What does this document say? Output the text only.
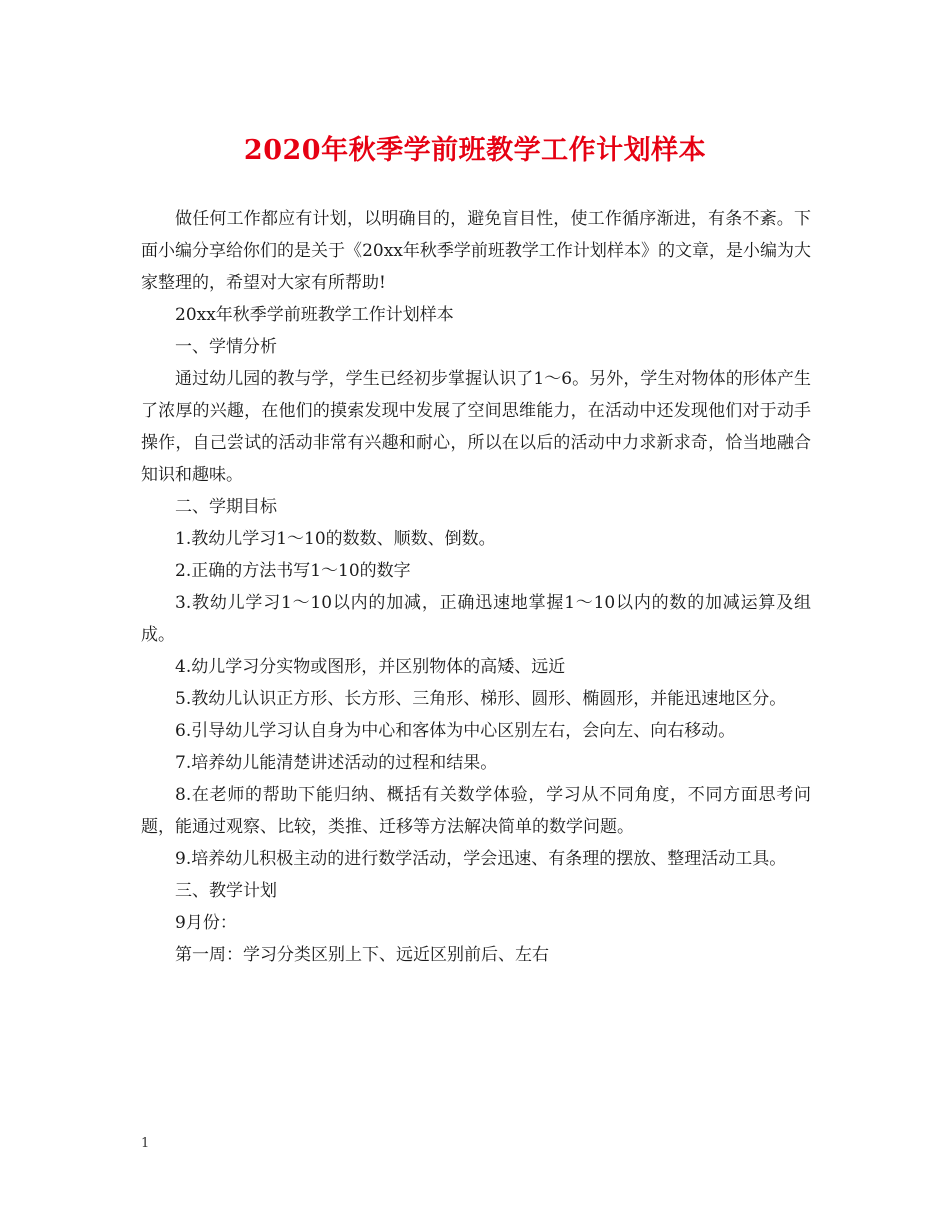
2020年秋季学前班教学工作计划样本

做任何工作都应有计划，以明确目的，避免盲目性，使工作循序渐进，有条不紊。下面小编分享给你们的是关于《20xx年秋季学前班教学工作计划样本》的文章，是小编为大家整理的，希望对大家有所帮助!

20xx年秋季学前班教学工作计划样本

一、学情分析

通过幼儿园的教与学，学生已经初步掌握认识了1～6。另外，学生对物体的形体产生了浓厚的兴趣，在他们的摸索发现中发展了空间思维能力，在活动中还发现他们对于动手操作，自己尝试的活动非常有兴趣和耐心，所以在以后的活动中力求新求奇，恰当地融合知识和趣味。

二、学期目标

1.教幼儿学习1～10的数数、顺数、倒数。

2.正确的方法书写1～10的数字

3.教幼儿学习1～10以内的加减，正确迅速地掌握1～10以内的数的加减运算及组成。

4.幼儿学习分实物或图形，并区别物体的高矮、远近

5.教幼儿认识正方形、长方形、三角形、梯形、圆形、椭圆形，并能迅速地区分。

6.引导幼儿学习认自身为中心和客体为中心区别左右，会向左、向右移动。

7.培养幼儿能清楚讲述活动的过程和结果。

8.在老师的帮助下能归纳、概括有关数学体验，学习从不同角度，不同方面思考问题，能通过观察、比较，类推、迁移等方法解决简单的数学问题。

9.培养幼儿积极主动的进行数学活动，学会迅速、有条理的摆放、整理活动工具。

三、教学计划

9月份：

第一周：学习分类区别上下、远近区别前后、左右

1
